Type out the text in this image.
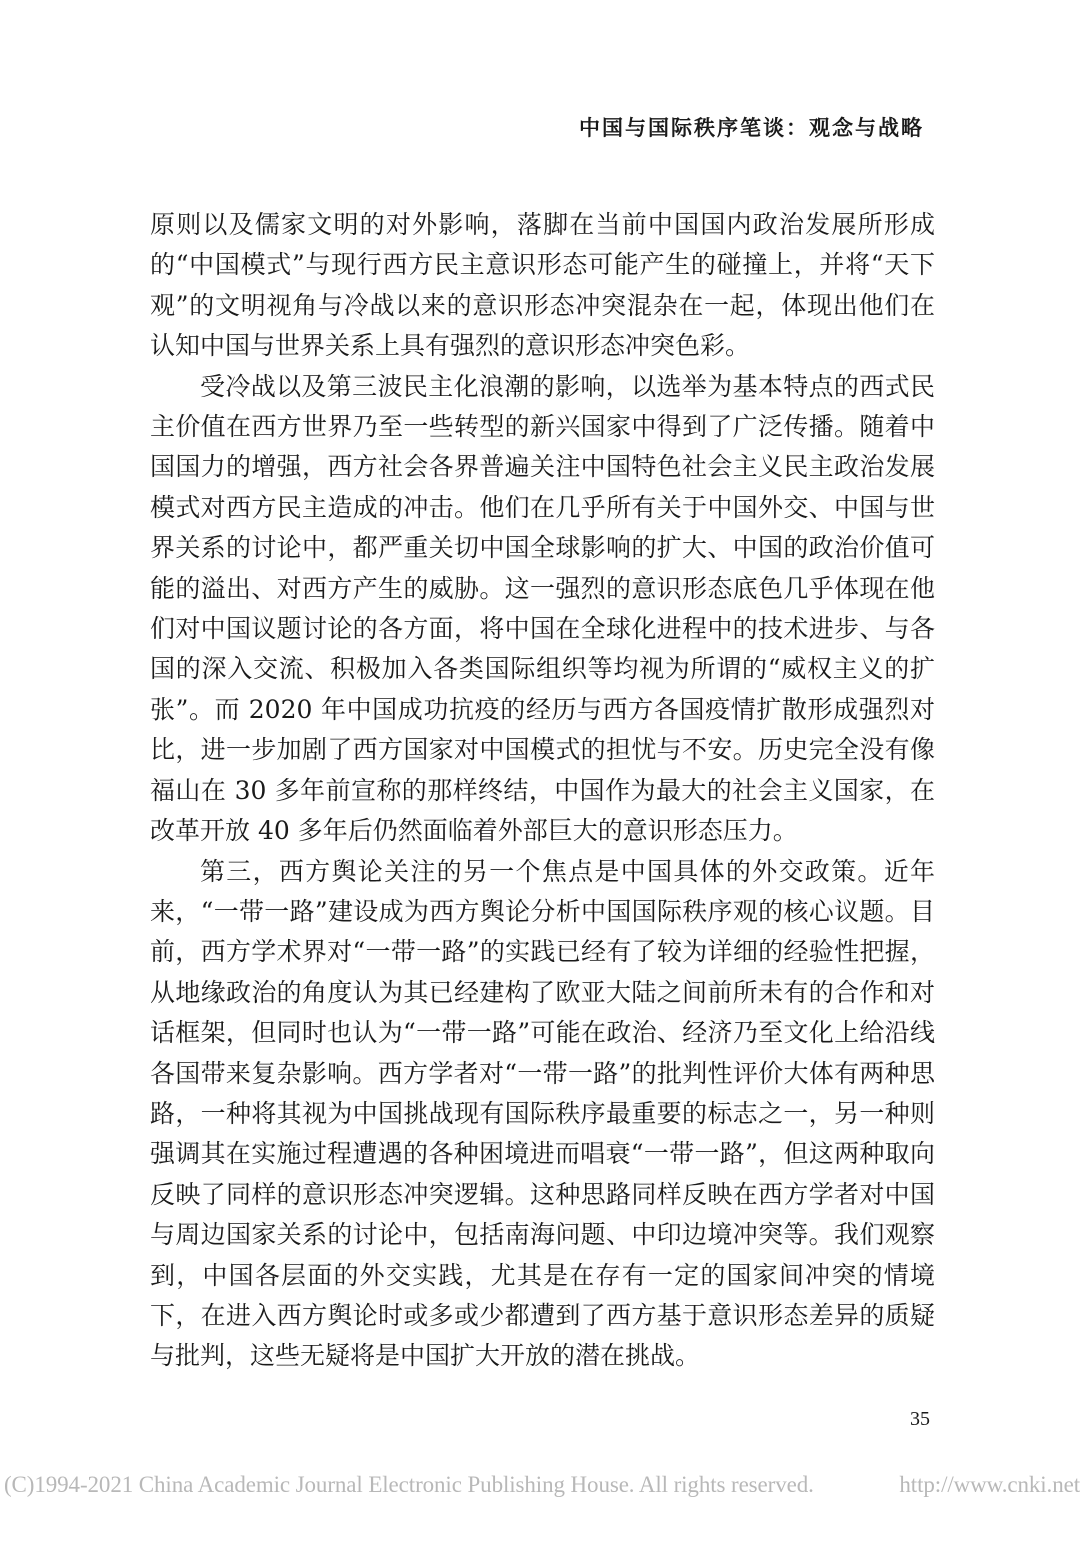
中国与国际秩序笔谈：观念与战略

原则以及儒家文明的对外影响，落脚在当前中国国内政治发展所形成的“中国模式”与现行西方民主意识形态可能产生的碰撞上，并将“天下观”的文明视角与冷战以来的意识形态冲突混杂在一起，体现出他们在认知中国与世界关系上具有强烈的意识形态冲突色彩。

受冷战以及第三波民主化浪潮的影响，以选举为基本特点的西式民主价值在西方世界乃至一些转型的新兴国家中得到了广泛传播。随着中国国力的增强，西方社会各界普遍关注中国特色社会主义民主政治发展模式对西方民主造成的冲击。他们在几乎所有关于中国外交、中国与世界关系的讨论中，都严重关切中国全球影响的扩大、中国的政治价值可能的溢出、对西方产生的威胁。这一强烈的意识形态底色几乎体现在他们对中国议题讨论的各方面，将中国在全球化进程中的技术进步、与各国的深入交流、积极加入各类国际组织等均视为所谓的“威权主义的扩张”。而 2020 年中国成功抗疫的经历与西方各国疫情扩散形成强烈对比，进一步加剧了西方国家对中国模式的担忧与不安。历史完全没有像福山在 30 多年前宣称的那样终结，中国作为最大的社会主义国家，在改革开放 40 多年后仍然面临着外部巨大的意识形态压力。

第三，西方舆论关注的另一个焦点是中国具体的外交政策。近年来，“一带一路”建设成为西方舆论分析中国国际秩序观的核心议题。目前，西方学术界对“一带一路”的实践已经有了较为详细的经验性把握，从地缘政治的角度认为其已经建构了欧亚大陆之间前所未有的合作和对话框架，但同时也认为“一带一路”可能在政治、经济乃至文化上给沿线各国带来复杂影响。西方学者对“一带一路”的批判性评价大体有两种思路，一种将其视为中国挑战现有国际秩序最重要的标志之一，另一种则强调其在实施过程遭遇的各种困境进而唱衰“一带一路”，但这两种取向反映了同样的意识形态冲突逻辑。这种思路同样反映在西方学者对中国与周边国家关系的讨论中，包括南海问题、中印边境冲突等。我们观察到，中国各层面的外交实践，尤其是在存有一定的国家间冲突的情境下，在进入西方舆论时或多或少都遭到了西方基于意识形态差异的质疑与批判，这些无疑将是中国扩大开放的潜在挑战。

35
(C)1994-2021 China Academic Journal Electronic Publishing House. All rights reserved.	http://www.cnki.net
